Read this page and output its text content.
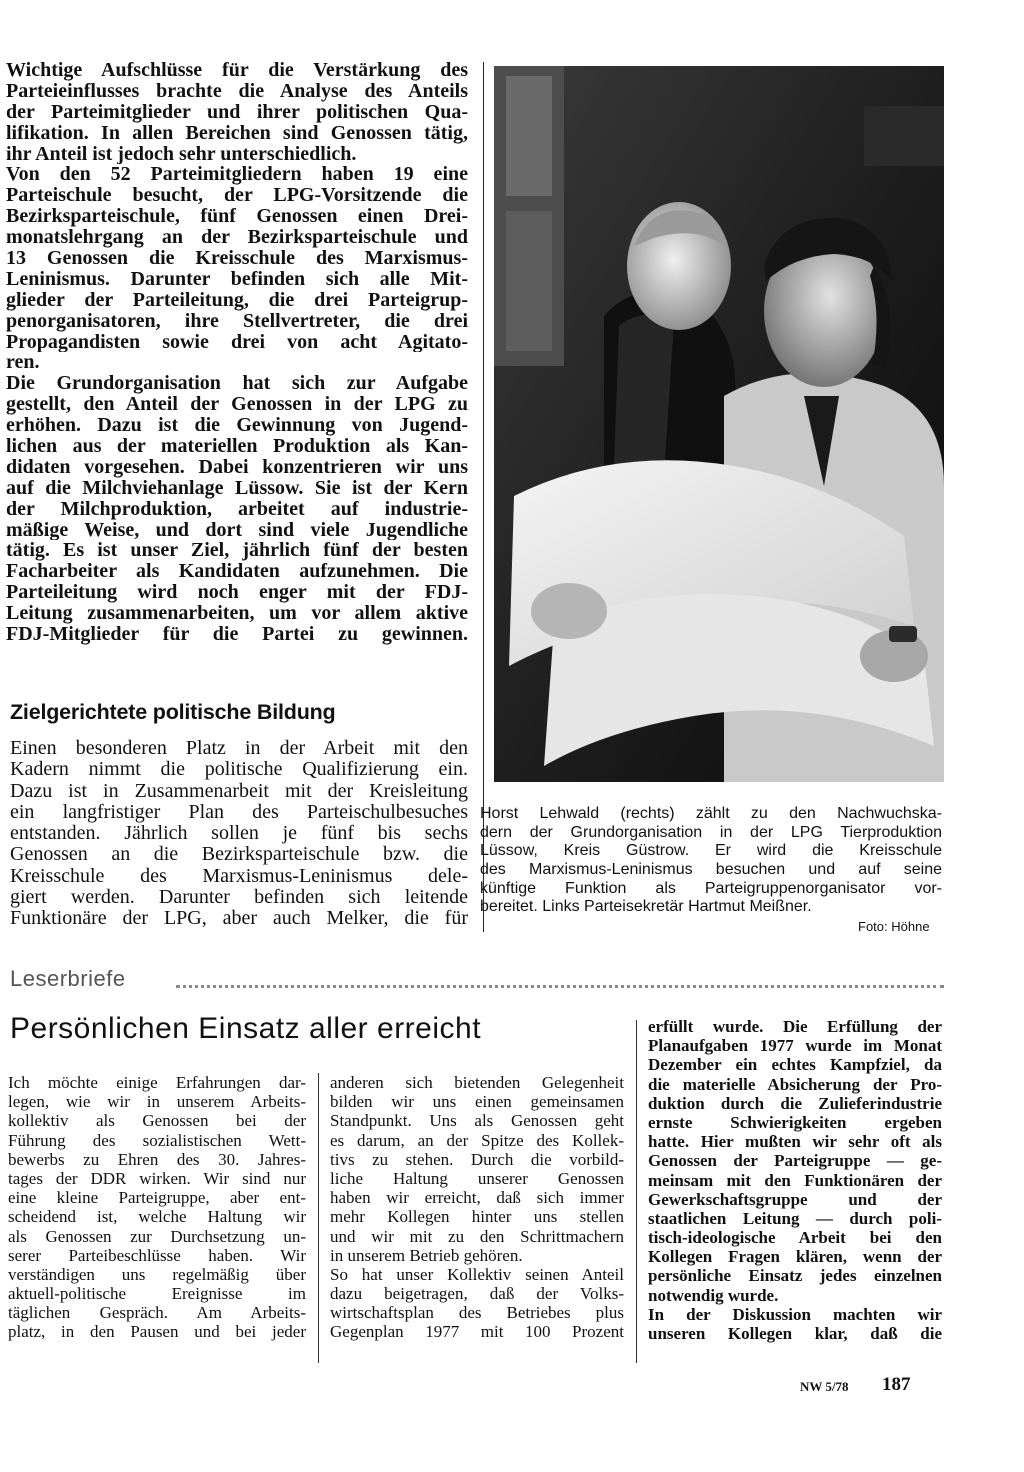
Wichtige Aufschlüsse für die Verstärkung des
Parteieinflusses brachte die Analyse des Anteils
der Parteimitglieder und ihrer politischen Qua-
lifikation. In allen Bereichen sind Genossen tätig,
ihr Anteil ist jedoch sehr unterschiedlich.
Von den 52 Parteimitgliedern haben 19 eine
Parteischule besucht, der LPG-Vorsitzende die
Bezirksparteischule, fünf Genossen einen Drei-
monatslehrgang an der Bezirksparteischule und
13 Genossen die Kreisschule des Marxismus-
Leninismus. Darunter befinden sich alle Mit-
glieder der Parteileitung, die drei Parteigrup-
penorganisatoren, ihre Stellvertreter, die drei
Propagandisten sowie drei von acht Agitato-
ren.
Die Grundorganisation hat sich zur Aufgabe
gestellt, den Anteil der Genossen in der LPG zu
erhöhen. Dazu ist die Gewinnung von Jugend-
lichen aus der materiellen Produktion als Kan-
didaten vorgesehen. Dabei konzentrieren wir uns
auf die Milchviehanlage Lüssow. Sie ist der Kern
der Milchproduktion, arbeitet auf industrie-
mäßige Weise, und dort sind viele Jugendliche
tätig. Es ist unser Ziel, jährlich fünf der besten
Facharbeiter als Kandidaten aufzunehmen. Die
Parteileitung wird noch enger mit der FDJ-
Leitung zusammenarbeiten, um vor allem aktive
FDJ-Mitglieder für die Partei zu gewinnen.
Zielgerichtete politische Bildung
Einen besonderen Platz in der Arbeit mit den
Kadern nimmt die politische Qualifizierung ein.
Dazu ist in Zusammenarbeit mit der Kreisleitung
ein langfristiger Plan des Parteischulbesuches
entstanden. Jährlich sollen je fünf bis sechs
Genossen an die Bezirksparteischule bzw. die
Kreisschule des Marxismus-Leninismus dele-
giert werden. Darunter befinden sich leitende
Funktionäre der LPG, aber auch Melker, die für
Horst Lehwald (rechts) zählt zu den Nachwuchska-
dern der Grundorganisation in der LPG Tierproduktion
Lüssow, Kreis Güstrow. Er wird die Kreisschule
des Marxismus-Leninismus besuchen und auf seine
künftige Funktion als Parteigruppenorganisator vor-
bereitet. Links Parteisekretär Hartmut Meißner.
Foto: Höhne
Leserbriefe
Persönlichen Einsatz aller erreicht
Ich möchte einige Erfahrungen dar-
legen, wie wir in unserem Arbeits-
kollektiv als Genossen bei der
Führung des sozialistischen Wett-
bewerbs zu Ehren des 30. Jahres-
tages der DDR wirken. Wir sind nur
eine kleine Parteigruppe, aber ent-
scheidend ist, welche Haltung wir
als Genossen zur Durchsetzung un-
serer Parteibeschlüsse haben. Wir
verständigen uns regelmäßig über
aktuell-politische Ereignisse im
täglichen Gespräch. Am Arbeits-
platz, in den Pausen und bei jeder
anderen sich bietenden Gelegenheit
bilden wir uns einen gemeinsamen
Standpunkt. Uns als Genossen geht
es darum, an der Spitze des Kollek-
tivs zu stehen. Durch die vorbild-
liche Haltung unserer Genossen
haben wir erreicht, daß sich immer
mehr Kollegen hinter uns stellen
und wir mit zu den Schrittmachern
in unserem Betrieb gehören.
So hat unser Kollektiv seinen Anteil
dazu beigetragen, daß der Volks-
wirtschaftsplan des Betriebes plus
Gegenplan 1977 mit 100 Prozent
erfüllt wurde. Die Erfüllung der
Planaufgaben 1977 wurde im Monat
Dezember ein echtes Kampfziel, da
die materielle Absicherung der Pro-
duktion durch die Zulieferindustrie
ernste Schwierigkeiten ergeben
hatte. Hier mußten wir sehr oft als
Genossen der Parteigruppe — ge-
meinsam mit den Funktionären der
Gewerkschaftsgruppe und der
staatlichen Leitung — durch poli-
tisch-ideologische Arbeit bei den
Kollegen Fragen klären, wenn der
persönliche Einsatz jedes einzelnen
notwendig wurde.
In der Diskussion machten wir
unseren Kollegen klar, daß die
NW 5/78 187
